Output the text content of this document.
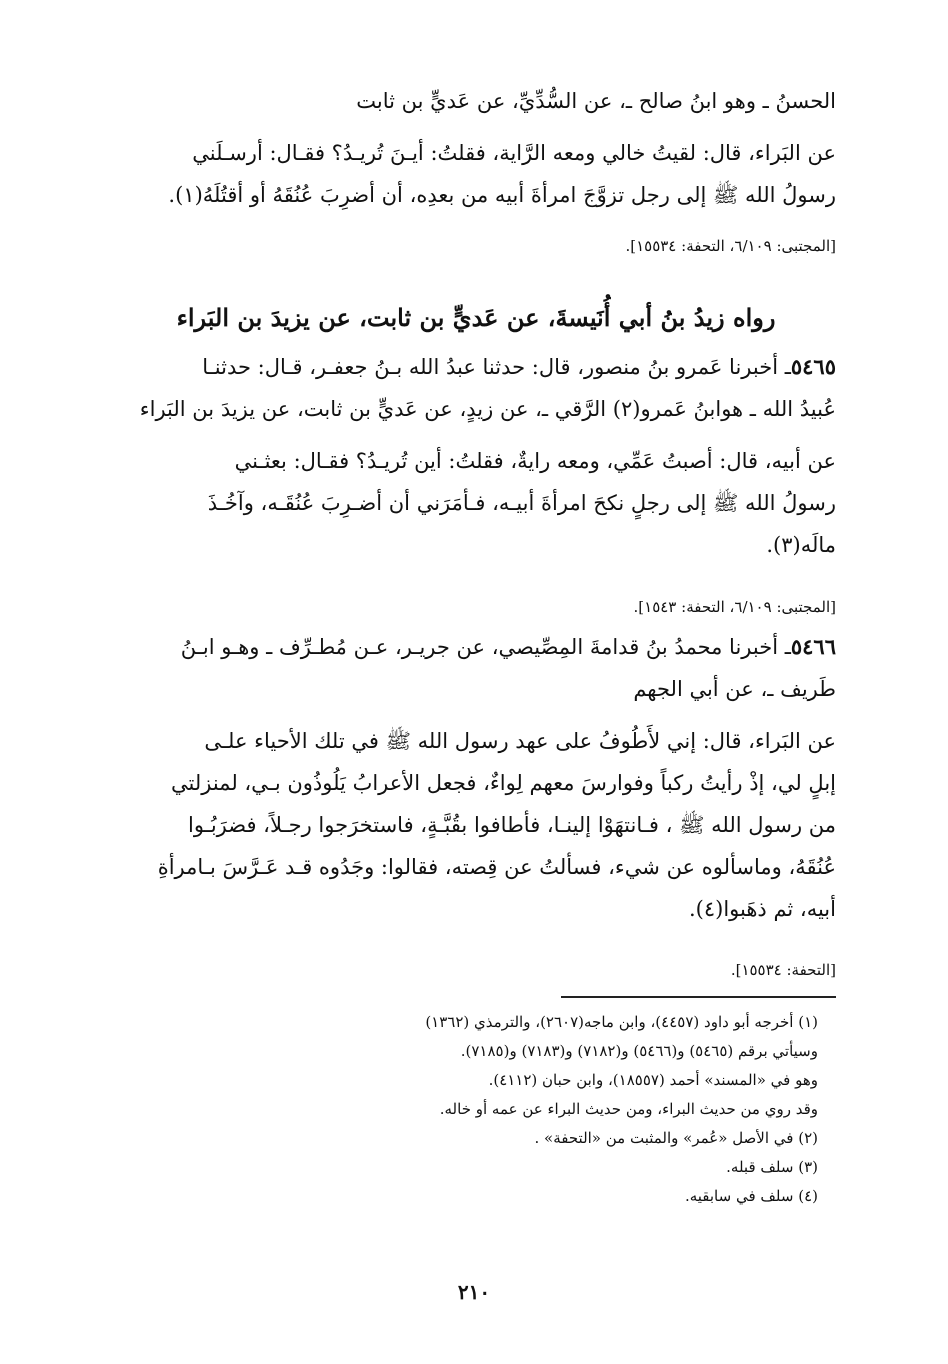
الحسنُ ـ وهو ابنُ صالح ـ، عن السُّدِّيِّ، عن عَديٍّ بن ثابت
عن البَراء، قال: لقيتُ خالي ومعه الرَّاية، فقلتُ: أيـنَ تُريـدُ؟ فقـال: أرسـلَني
رسولُ الله ﷺ إلى رجل تزوَّجَ امرأةَ أبيه من بعدِه، أن أضرِبَ عُنُقَهُ أو أقتُلَهُ(١).
[المجتبى: ٦/١٠٩، التحفة: ١٥٥٣٤].
رواه زيدُ بنُ أبي أُنَيسةَ، عن عَديٍّ بن ثابت، عن يزيدَ بن البَراء
٥٤٦٥ـ أخبرنا عَمرو بنُ منصور، قال: حدثنا عبدُ الله بـنُ جعفـر، قـال: حدثنـا
عُبيدُ الله ـ هوابنُ عَمرو(٢) الرَّقي ـ، عن زيدٍ، عن عَديٍّ بن ثابت، عن يزيدَ بن البَراء
عن أبيه، قال: أصبتُ عَمِّي، ومعه رايةٌ، فقلتُ: أين تُريـدُ؟ فقـال: بعثـني
رسولُ الله ﷺ إلى رجلٍ نكحَ امرأةَ أبيـه، فـأمَرَني أن أضـرِبَ عُنُقَـه، وآخُـذَ
مالَه(٣).
[المجتبى: ٦/١٠٩، التحفة: ١٥٤٣].
٥٤٦٦ـ أخبرنا محمدُ بنُ قدامةَ المِصِّيصي، عن جريـر، عـن مُطـرِّف ـ وهـو ابـنُ
طَريف ـ، عن أبي الجهم
عن البَراء، قال: إني لأَطُوفُ على عهد رسول الله ﷺ في تلك الأحياء علـى
إبلٍ لي، إذْ رأيتُ ركباً وفوارسَ معهم لِواءٌ، فجعل الأعرابُ يَلُوذُون بـي، لمنزلتي
من رسول الله ﷺ ، فـانتهَوْا إلينـا، فأطافوا بقُبَّـةٍ، فاستخرَجوا رجـلاً، فضرَبُـوا
عُنُقَهُ، وماسألوه عن شيء، فسألتُ عن قِصته، فقالوا: وجَدُوه قـد عَـرَّسَ بـامرأةِ
أبيه، ثم ذهَبوا(٤).
[التحفة: ١٥٥٣٤].
(١) أخرجه أبو داود (٤٤٥٧)، وابن ماجه(٢٦٠٧)، والترمذي (١٣٦٢)
وسيأتي برقم (٥٤٦٥) و(٥٤٦٦) و(٧١٨٢) و(٧١٨٣) و(٧١٨٥).
وهو في «المسند» أحمد (١٨٥٥٧)، وابن حبان (٤١١٢).
وقد روي من حديث البراء، ومن حديث البراء عن عمه أو خاله.
(٢) في الأصل «عُمر» والمثبت من «التحفة» .
(٣) سلف قبله.
(٤) سلف في سابقيه.
٢١٠
